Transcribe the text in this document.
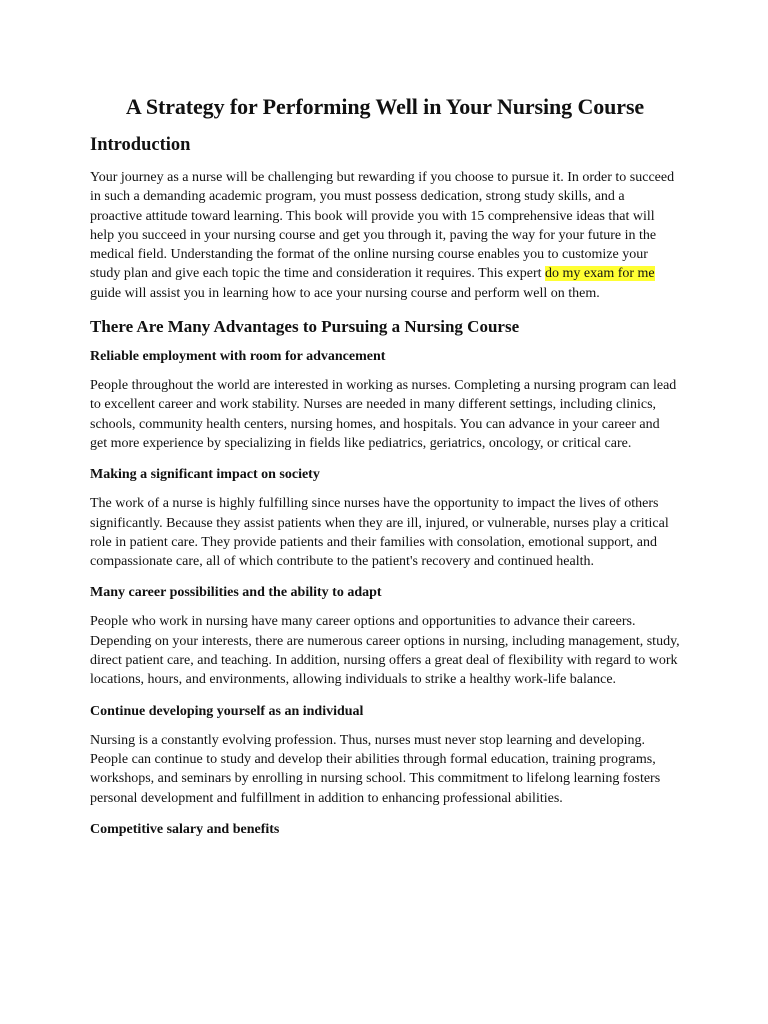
A Strategy for Performing Well in Your Nursing Course
Introduction
Your journey as a nurse will be challenging but rewarding if you choose to pursue it. In order to succeed in such a demanding academic program, you must possess dedication, strong study skills, and a proactive attitude toward learning. This book will provide you with 15 comprehensive ideas that will help you succeed in your nursing course and get you through it, paving the way for your future in the medical field. Understanding the format of the online nursing course enables you to customize your study plan and give each topic the time and consideration it requires. This expert do my exam for me guide will assist you in learning how to ace your nursing course and perform well on them.
There Are Many Advantages to Pursuing a Nursing Course
Reliable employment with room for advancement
People throughout the world are interested in working as nurses. Completing a nursing program can lead to excellent career and work stability. Nurses are needed in many different settings, including clinics, schools, community health centers, nursing homes, and hospitals. You can advance in your career and get more experience by specializing in fields like pediatrics, geriatrics, oncology, or critical care.
Making a significant impact on society
The work of a nurse is highly fulfilling since nurses have the opportunity to impact the lives of others significantly. Because they assist patients when they are ill, injured, or vulnerable, nurses play a critical role in patient care. They provide patients and their families with consolation, emotional support, and compassionate care, all of which contribute to the patient's recovery and continued health.
Many career possibilities and the ability to adapt
People who work in nursing have many career options and opportunities to advance their careers. Depending on your interests, there are numerous career options in nursing, including management, study, direct patient care, and teaching. In addition, nursing offers a great deal of flexibility with regard to work locations, hours, and environments, allowing individuals to strike a healthy work-life balance.
Continue developing yourself as an individual
Nursing is a constantly evolving profession. Thus, nurses must never stop learning and developing. People can continue to study and develop their abilities through formal education, training programs, workshops, and seminars by enrolling in nursing school. This commitment to lifelong learning fosters personal development and fulfillment in addition to enhancing professional abilities.
Competitive salary and benefits
